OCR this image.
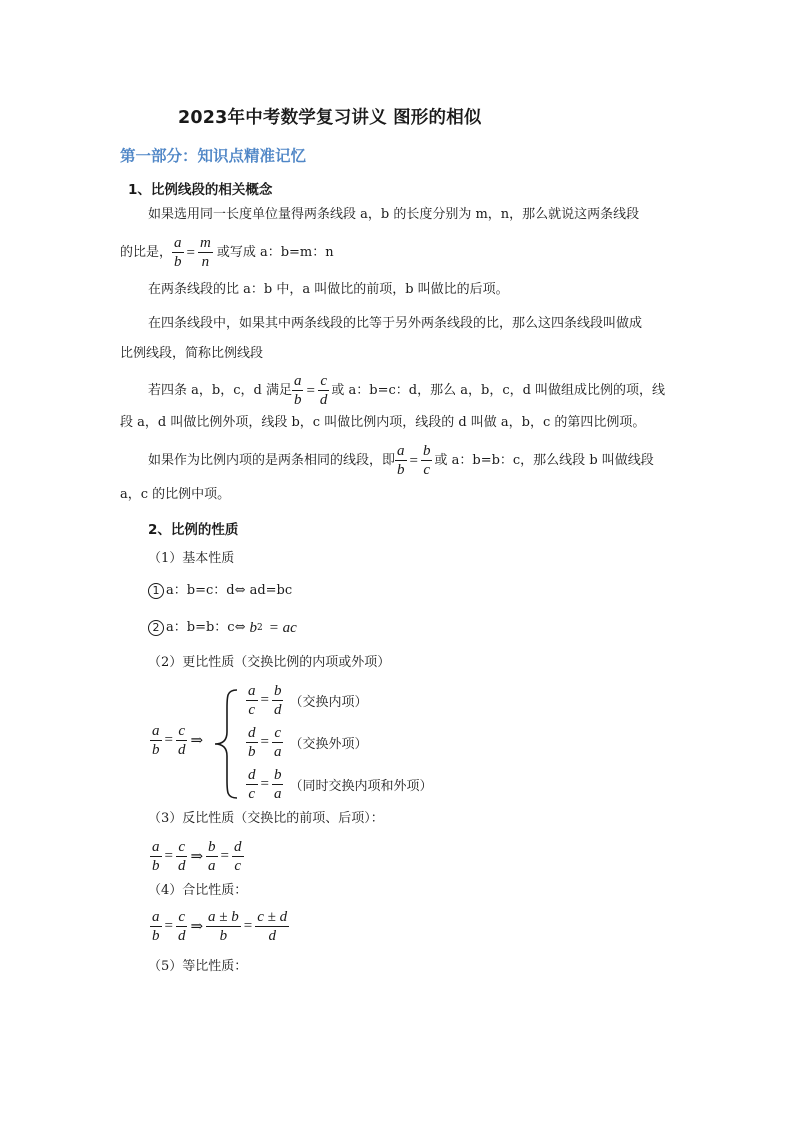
2023年中考数学复习讲义 图形的相似
第一部分：知识点精准记忆
1、比例线段的相关概念
如果选用同一长度单位量得两条线段 a，b 的长度分别为 m，n，那么就说这两条线段
的比是， $\frac{a}{b} = \frac{m}{n}$ 或写成 a：b=m：n
在两条线段的比 a：b 中，a 叫做比的前项，b 叫做比的后项。
在四条线段中，如果其中两条线段的比等于另外两条线段的比，那么这四条线段叫做成
比例线段，简称比例线段
若四条 a，b，c，d 满足 $\frac{a}{b} = \frac{c}{d}$ 或 a：b=c：d，那么 a，b，c，d 叫做组成比例的项，线
段 a，d 叫做比例外项，线段 b，c 叫做比例内项，线段的 d 叫做 a，b，c 的第四比例项。
如果作为比例内项的是两条相同的线段，即 $\frac{a}{b} = \frac{b}{c}$ 或 a：b=b：c，那么线段 b 叫做线段
a，c 的比例中项。
2、比例的性质
（1）基本性质
1 a：b=c：d⇔ ad=bc
2 a：b=b：c⇔ b 2 = ac
（2）更比性质（交换比例的内项或外项）
$\frac{a}{b} = \frac{c}{d}$ ⇒
$\frac{a}{c} = \frac{b}{d}$ （交换内项）
$\frac{d}{b} = \frac{c}{a}$ （交换外项）
$\frac{d}{c} = \frac{b}{a}$ （同时交换内项和外项）
（3）反比性质（交换比的前项、后项）：
$\frac{a}{b} = \frac{c}{d}$ ⇒ $\frac{b}{a} = \frac{d}{c}$
（4）合比性质：
$\frac{a}{b} = \frac{c}{d}$ ⇒ $\frac{a \pm b}{b} = \frac{c \pm d}{d}$
（5）等比性质：
